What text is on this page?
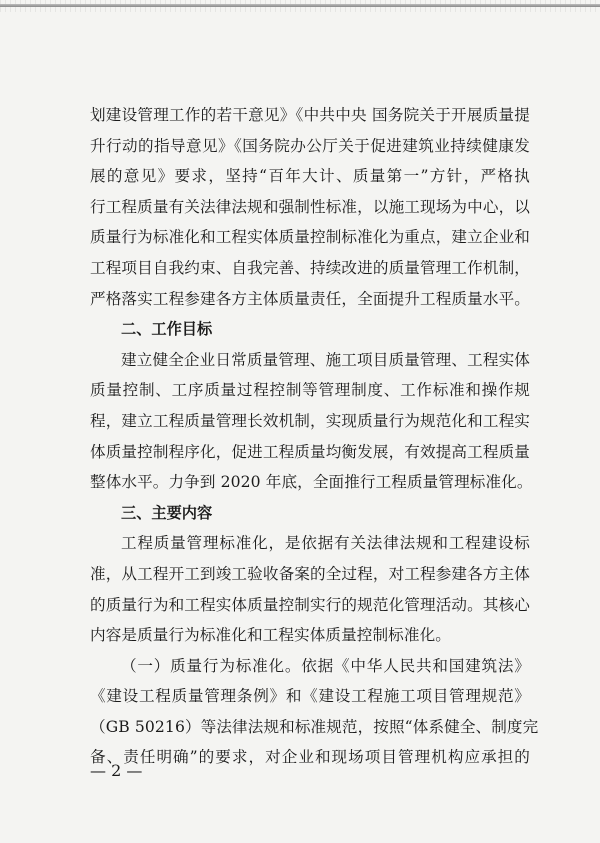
划建设管理工作的若干意见》《中共中央 国务院关于开展质量提
升行动的指导意见》《国务院办公厅关于促进建筑业持续健康发
展的意见》要求，坚持“百年大计、质量第一”方针，严格执
行工程质量有关法律法规和强制性标准，以施工现场为中心，以
质量行为标准化和工程实体质量控制标准化为重点，建立企业和
工程项目自我约束、自我完善、持续改进的质量管理工作机制，
严格落实工程参建各方主体质量责任，全面提升工程质量水平。
二、工作目标
建立健全企业日常质量管理、施工项目质量管理、工程实体
质量控制、工序质量过程控制等管理制度、工作标准和操作规
程，建立工程质量管理长效机制，实现质量行为规范化和工程实
体质量控制程序化，促进工程质量均衡发展，有效提高工程质量
整体水平。力争到 2020 年底，全面推行工程质量管理标准化。
三、主要内容
工程质量管理标准化，是依据有关法律法规和工程建设标
准，从工程开工到竣工验收备案的全过程，对工程参建各方主体
的质量行为和工程实体质量控制实行的规范化管理活动。其核心
内容是质量行为标准化和工程实体质量控制标准化。
（一）质量行为标准化。依据《中华人民共和国建筑法》
《建设工程质量管理条例》和《建设工程施工项目管理规范》
（GB 50216）等法律法规和标准规范，按照“体系健全、制度完
备、责任明确”的要求，对企业和现场项目管理机构应承担的
— 2 —
